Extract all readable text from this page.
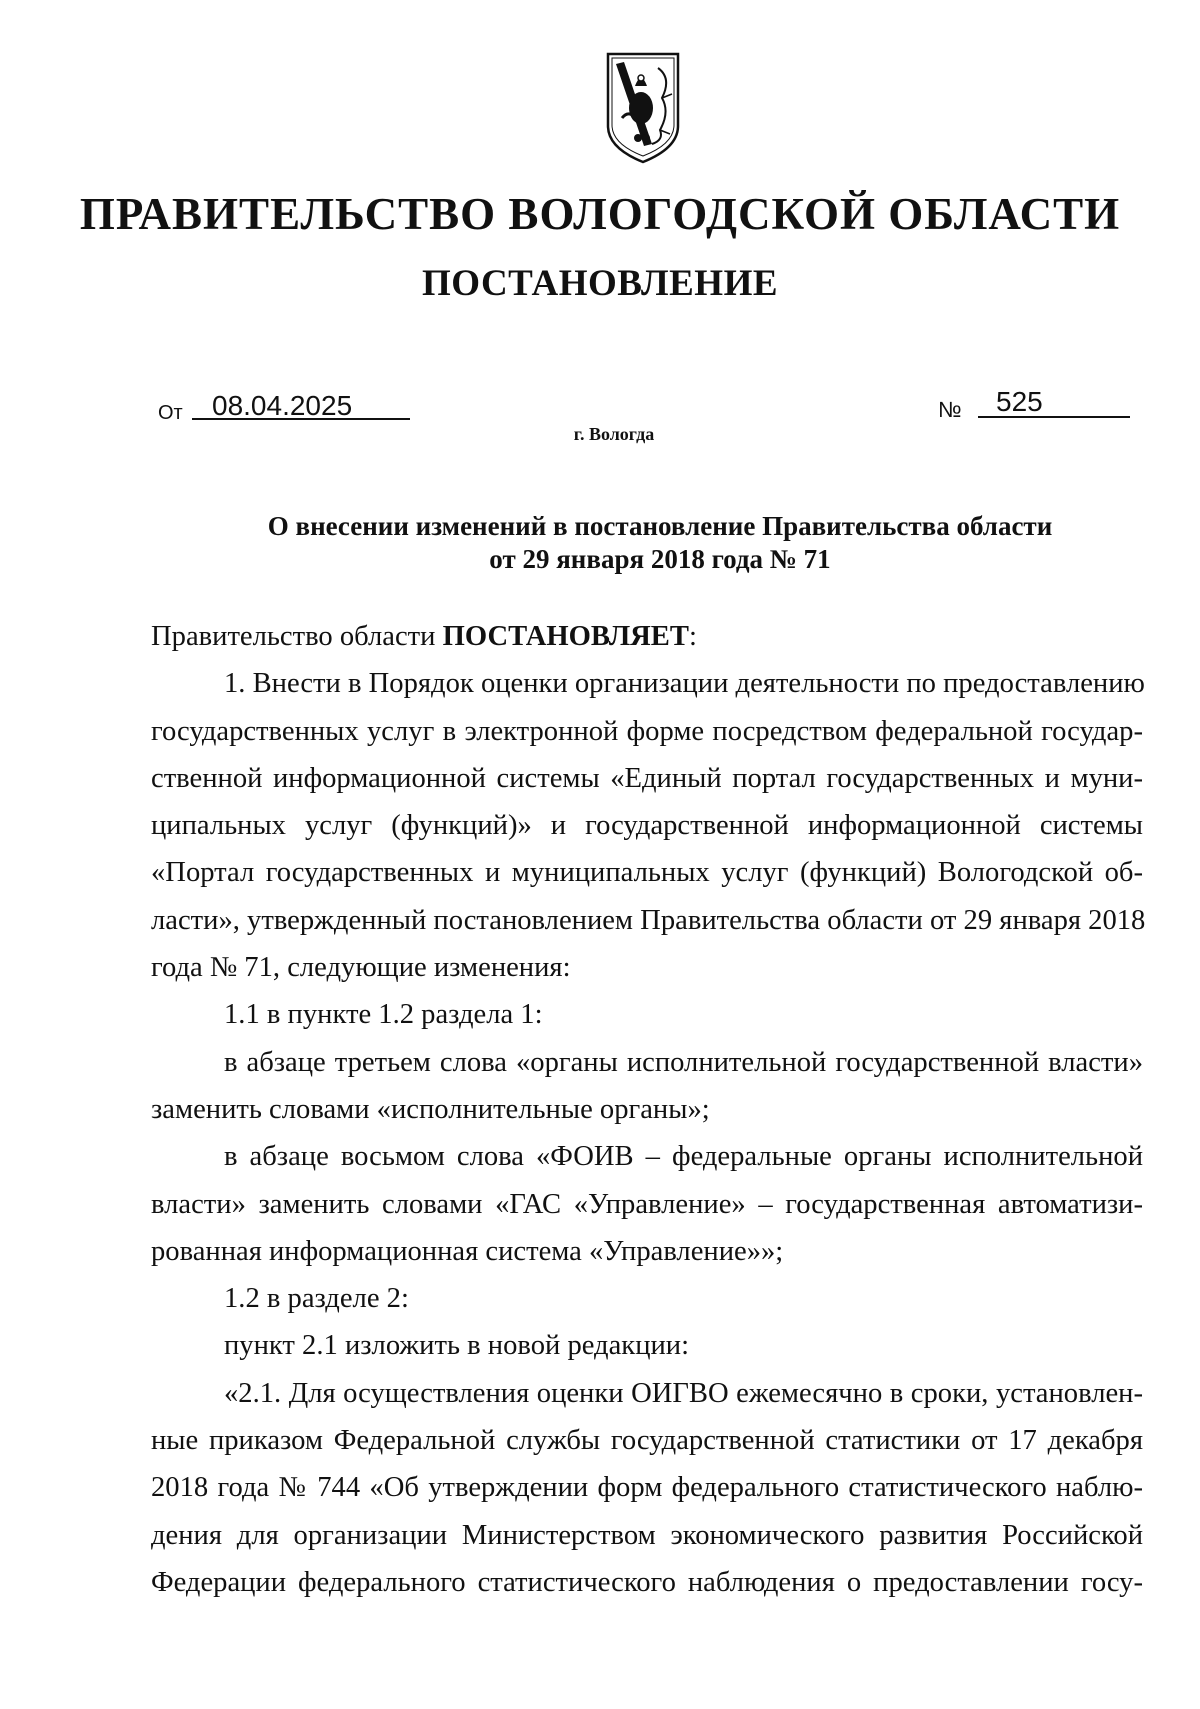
ПРАВИТЕЛЬСТВО ВОЛОГОДСКОЙ ОБЛАСТИ
ПОСТАНОВЛЕНИЕ
От 08.04.2025	№ 525
г. Вологда
О внесении изменений в постановление Правительства области
от 29 января 2018 года № 71
Правительство области ПОСТАНОВЛЯЕТ:
1. Внести в Порядок оценки организации деятельности по предоставлению
государственных услуг в электронной форме посредством федеральной государ-
ственной информационной системы «Единый портал государственных и муни-
ципальных услуг (функций)» и государственной информационной системы
«Портал государственных и муниципальных услуг (функций) Вологодской об-
ласти», утвержденный постановлением Правительства области от 29 января 2018
года № 71, следующие изменения:
1.1 в пункте 1.2 раздела 1:
в абзаце третьем слова «органы исполнительной государственной власти»
заменить словами «исполнительные органы»;
в абзаце восьмом слова «ФОИВ – федеральные органы исполнительной
власти» заменить словами «ГАС «Управление» – государственная автоматизи-
рованная информационная система «Управление»»;
1.2 в разделе 2:
пункт 2.1 изложить в новой редакции:
«2.1. Для осуществления оценки ОИГВО ежемесячно в сроки, установлен-
ные приказом Федеральной службы государственной статистики от 17 декабря
2018 года № 744 «Об утверждении форм федерального статистического наблю-
дения для организации Министерством экономического развития Российской
Федерации федерального статистического наблюдения о предоставлении госу-
